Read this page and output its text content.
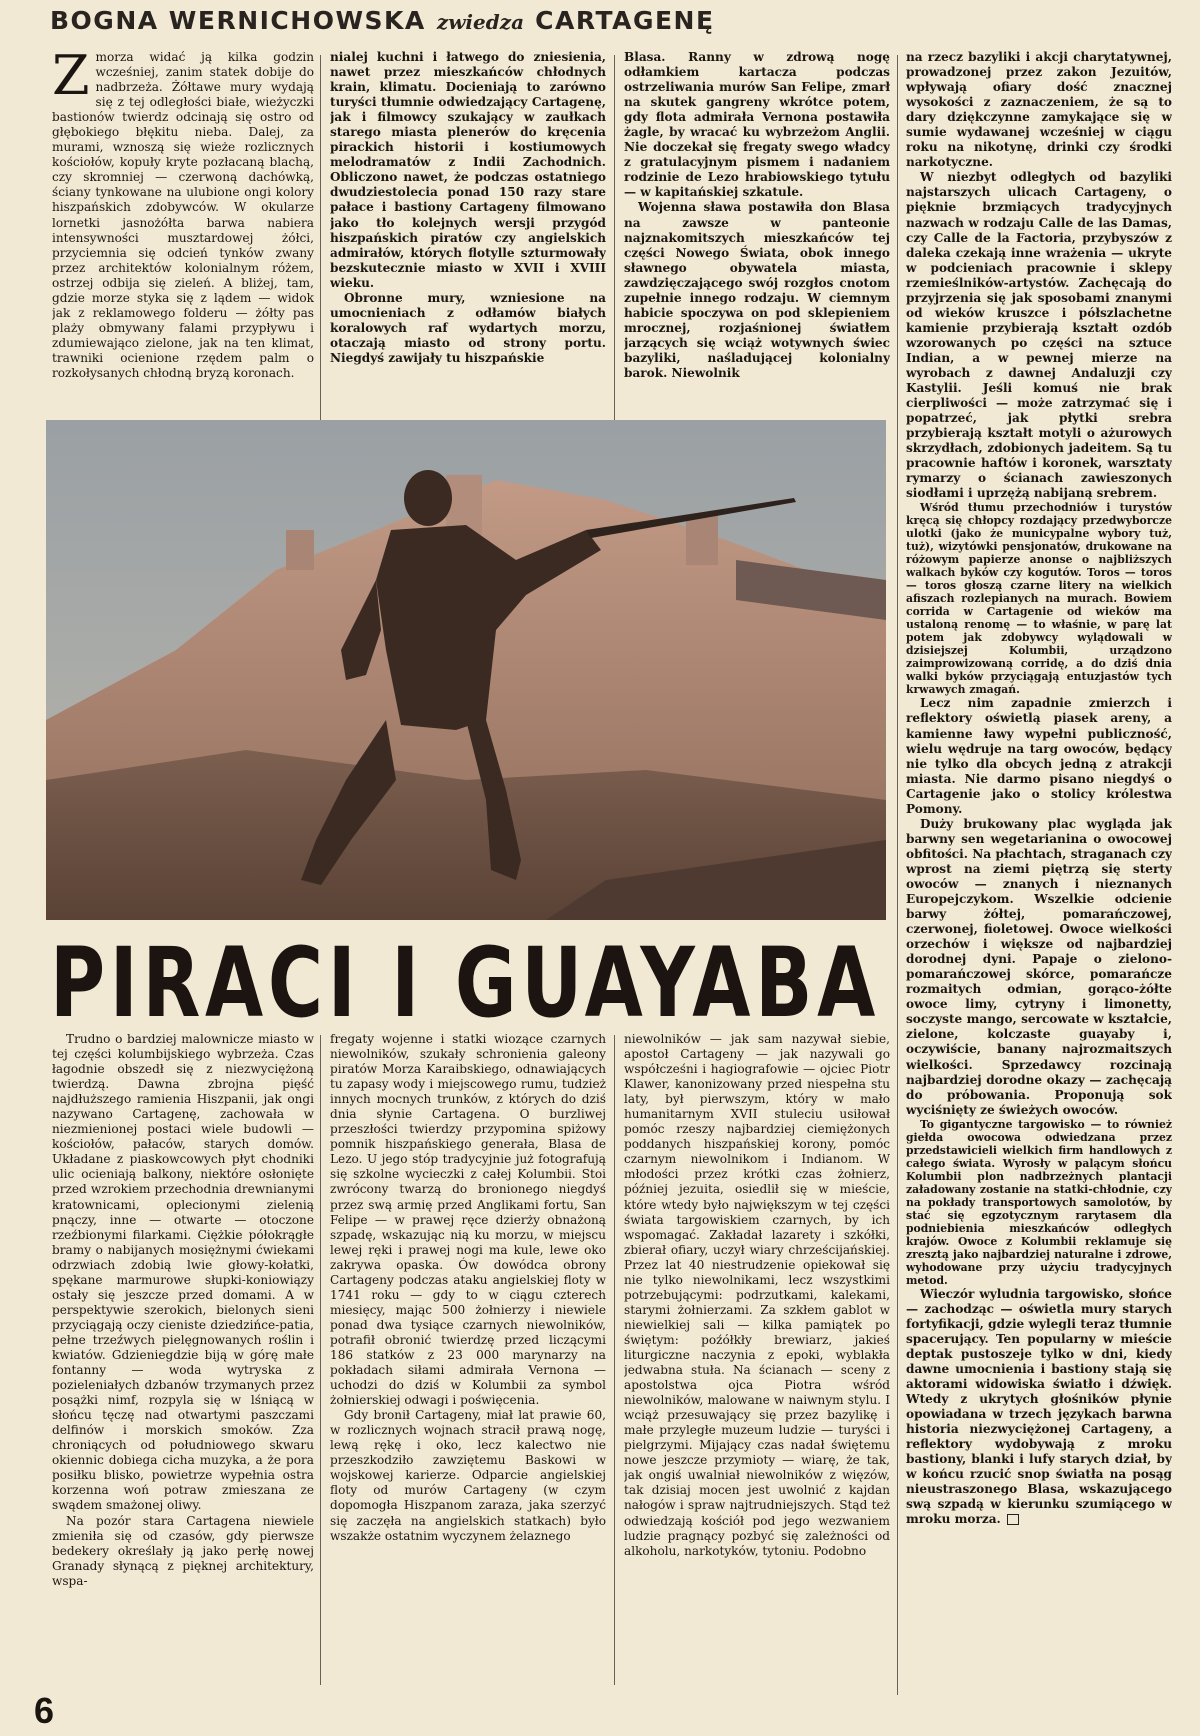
BOGNA WERNICHOWSKA zwiedza CARTAGENĘ
Z morza widać ją kilka godzin wcześniej, zanim statek dobije do nadbrzeża. Żółtawe mury wydają się z tej odległości białe, wieżyczki bastionów twierdz odcinają się ostro od głębokiego błękitu nieba. Dalej, za murami, wznoszą się wieże rozlicznych kościołów, kopuły kryte pozłacaną blachą, czy skromniej — czerwoną dachówką, ściany tynkowane na ulubione ongi kolory hiszpańskich zdobywców. W okularze lornetki jasnożółta barwa nabiera intensywności musztardowej żółci, przyciemnia się odcień tynków zwany przez architektów kolonialnym różem, ostrzej odbija się zieleń. A bliżej, tam, gdzie morze styka się z lądem — widok jak z reklamowego folderu — żółty pas plaży obmywany falami przypływu i zdumiewająco zielone, jak na ten klimat, trawniki ocienione rzędem palm o rozkołysanych chłodną bryzą koronach.

nialej kuchni i łatwego do zniesienia, nawet przez mieszkańców chłodnych krain, klimatu. Docieniają to zarówno turyści tłumnie odwiedzający Cartagenę, jak i filmowcy szukający w zaułkach starego miasta plenerów do kręcenia pirackich historii i kostiumowych melodramatów z Indii Zachodnich. Obliczono nawet, że podczas ostatniego dwudziestolecia ponad 150 razy stare pałace i bastiony Cartageny filmowano jako tło kolejnych wersji przygód hiszpańskich piratów czy angielskich admirałów, których flotylle szturmowały bezskutecznie miasto w XVII i XVIII wieku.

Obronne mury, wzniesione na umocnieniach z odłamów białych koralowych raf wydartych morzu, otaczają miasto od strony portu. Niegdyś zawijały tu hiszpańskie

Blasa. Ranny w zdrową nogę odłamkiem kartacza podczas ostrzeliwania murów San Felipe, zmarł na skutek gangreny wkrótce potem, gdy flota admirała Vernona postawiła żagle, by wracać ku wybrzeżom Anglii. Nie doczekał się fregaty swego władcy z gratulacyjnym pismem i nadaniem rodzinie de Lezo hrabiowskiego tytułu — w kapitańskiej szkatule.

Wojenna sława postawiła don Blasa na zawsze w panteonie najznakomitszych mieszkańców tej części Nowego Świata, obok innego sławnego obywatela miasta, zawdzięczającego swój rozgłos cnotom zupełnie innego rodzaju. W ciemnym habicie spoczywa on pod sklepieniem mrocznej, rozjaśnionej światłem jarzących się wciąż wotywnych świec bazyliki, naśladującej kolonialny barok. Niewolnik

na rzecz bazyliki i akcji charytatywnej, prowadzonej przez zakon Jezuitów, wpływają ofiary dość znacznej wysokości z zaznaczeniem, że są to dary dziękczynne zamykające się w sumie wydawanej wcześniej w ciągu roku na nikotynę, drinki czy środki narkotyczne.

W niezbyt odległych od bazyliki najstarszych ulicach Cartageny, o pięknie brzmiących tradycyjnych nazwach w rodzaju Calle de las Damas, czy Calle de la Factoria, przybyszów z daleka czekają inne wrażenia — ukryte w podcieniach pracownie i sklepy rzemieślników-artystów. Zachęcają do przyjrzenia się jak sposobami znanymi od wieków kruszce i półszlachetne kamienie przybierają kształt ozdób wzorowanych po części na sztuce Indian, a w pewnej mierze na wyrobach z dawnej Andaluzji czy Kastylii. Jeśli komuś nie brak cierpliwości — może zatrzymać się i popatrzeć, jak płytki srebra przybierają kształt motyli o ażurowych skrzydłach, zdobionych jadeitem. Są tu pracownie haftów i koronek, warsztaty rymarzy o ścianach zawieszonych siodłami i uprzężą nabijaną srebrem.

Wśród tłumu przechodniów i turystów kręcą się chłopcy rozdający przedwyborcze ulotki (jako że municypalne wybory tuż, tuż), wizytówki pensjonatów, drukowane na różowym papierze anonse o najbliższych walkach byków czy kogutów. Toros — toros — toros głoszą czarne litery na wielkich afiszach rozlepianych na murach. Bowiem corrida w Cartagenie od wieków ma ustaloną renomę — to właśnie, w parę lat potem jak zdobywcy wylądowali w dzisiejszej Kolumbii, urządzono zaimprowizowaną corridę, a do dziś dnia walki byków przyciągają entuzjastów tych krwawych zmagań.

Lecz nim zapadnie zmierzch i reflektory oświetlą piasek areny, a kamienne ławy wypełni publiczność, wielu wędruje na targ owoców, będący nie tylko dla obcych jedną z atrakcji miasta. Nie darmo pisano niegdyś o Cartagenie jako o stolicy królestwa Pomony.

Duży brukowany plac wygląda jak barwny sen wegetarianina o owocowej obfitości. Na płachtach, straganach czy wprost na ziemi piętrzą się sterty owoców — znanych i nieznanych Europejczykom. Wszelkie odcienie barwy żółtej, pomarańczowej, czerwonej, fioletowej. Owoce wielkości orzechów i większe od najbardziej dorodnej dyni. Papaje o zielono-pomarańczowej skórce, pomarańcze rozmaitych odmian, gorąco-żółte owoce limy, cytryny i limonetty, soczyste mango, sercowate w kształcie, zielone, kolczaste guayaby i, oczywiście, banany najrozmaitszych wielkości. Sprzedawcy rozcinają najbardziej dorodne okazy — zachęcają do próbowania. Proponują sok wyciśnięty ze świeżych owoców.

To gigantyczne targowisko — to również giełda owocowa odwiedzana przez przedstawicieli wielkich firm handlowych z całego świata. Wyrosły w palącym słońcu Kolumbii plon nadbrzeżnych plantacji załadowany zostanie na statki-chłodnie, czy na pokłady transportowych samolotów, by stać się egzotycznym rarytasem dla podniebienia mieszkańców odległych krajów. Owoce z Kolumbii reklamuje się zresztą jako najbardziej naturalne i zdrowe, wyhodowane przy użyciu tradycyjnych metod.

Wieczór wyludnia targowisko, słońce — zachodząc — oświetla mury starych fortyfikacji, gdzie wylegli teraz tłumnie spacerujący. Ten popularny w mieście deptak pustoszeje tylko w dni, kiedy dawne umocnienia i bastiony stają się aktorami widowiska światło i dźwięk. Wtedy z ukrytych głośników płynie opowiadana w trzech językach barwna historia niezwyciężonej Cartageny, a reflektory wydobywają z mroku bastiony, blanki i lufy starych dział, by w końcu rzucić snop światła na posąg nieustraszonego Blasa, wskazującego swą szpadą w kierunku szumiącego w mroku morza.

PIRACI I GUAYABA

Trudno o bardziej malownicze miasto w tej części kolumbijskiego wybrzeża. Czas łagodnie obszedł się z niezwyciężoną twierdzą. Dawna zbrojna pięść najdłuższego ramienia Hiszpanii, jak ongi nazywano Cartagenę, zachowała w niezmienionej postaci wiele budowli — kościołów, pałaców, starych domów. Układane z piaskowcowych płyt chodniki ulic ocieniają balkony, niektóre osłonięte przed wzrokiem przechodnia drewnianymi kratownicami, oplecionymi zielenią pnączy, inne — otwarte — otoczone rzeźbionymi filarkami. Ciężkie półokrągłe bramy o nabijanych mosiężnymi ćwiekami odrzwiach zdobią lwie głowy-kołatki, spękane marmurowe słupki-koniowiązy ostały się jeszcze przed domami. A w perspektywie szerokich, bielonych sieni przyciągają oczy cieniste dziedzińce-patia, pełne trzeźwych pielęgnowanych roślin i kwiatów. Gdzieniegdzie biją w górę małe fontanny — woda wytryska z pozieleniałych dzbanów trzymanych przez posążki nimf, rozpyla się w lśniącą w słońcu tęczę nad otwartymi paszczami delfinów i morskich smoków. Zza chroniących od południowego skwaru okiennic dobiega cicha muzyka, a że pora posiłku blisko, powietrze wypełnia ostra korzenna woń potraw zmieszana ze swądem smażonej oliwy.

Na pozór stara Cartagena niewiele zmieniła się od czasów, gdy pierwsze bedekery określały ją jako perłę nowej Granady słynącą z pięknej architektury, wspa-

fregaty wojenne i statki wiozące czarnych niewolników, szukały schronienia galeony piratów Morza Karaibskiego, odnawiających tu zapasy wody i miejscowego rumu, tudzież innych mocnych trunków, z których do dziś dnia słynie Cartagena. O burzliwej przeszłości twierdzy przypomina spiżowy pomnik hiszpańskiego generała, Blasa de Lezo. U jego stóp tradycyjnie już fotografują się szkolne wycieczki z całej Kolumbii. Stoi zwrócony twarzą do bronionego niegdyś przez swą armię przed Anglikami fortu, San Felipe — w prawej ręce dzierży obnażoną szpadę, wskazując nią ku morzu, w miejscu lewej ręki i prawej nogi ma kule, lewe oko zakrywa opaska. Ów dowódca obrony Cartageny podczas ataku angielskiej floty w 1741 roku — gdy to w ciągu czterech miesięcy, mając 500 żołnierzy i niewiele ponad dwa tysiące czarnych niewolników, potrafił obronić twierdzę przed liczącymi 186 statków z 23 000 marynarzy na pokładach siłami admirała Vernona — uchodzi do dziś w Kolumbii za symbol żołnierskiej odwagi i poświęcenia.

Gdy bronił Cartageny, miał lat prawie 60, w rozlicznych wojnach stracił prawą nogę, lewą rękę i oko, lecz kalectwo nie przeszkodziło zawziętemu Baskowi w wojskowej karierze. Odparcie angielskiej floty od murów Cartageny (w czym dopomogła Hiszpanom zaraza, jaka szerzyć się zaczęła na angielskich statkach) było wszakże ostatnim wyczynem żelaznego

niewolników — jak sam nazywał siebie, apostoł Cartageny — jak nazywali go współcześni i hagiografowie — ojciec Piotr Klawer, kanonizowany przed niespełna stu laty, był pierwszym, który w mało humanitarnym XVII stuleciu usiłował pomóc rzeszy najbardziej ciemiężonych poddanych hiszpańskiej korony, pomóc czarnym niewolnikom i Indianom. W młodości przez krótki czas żołnierz, później jezuita, osiedlił się w mieście, które wtedy było największym w tej części świata targowiskiem czarnych, by ich wspomagać. Zakładał lazarety i szkółki, zbierał ofiary, uczył wiary chrześcijańskiej. Przez lat 40 niestrudzenie opiekował się nie tylko niewolnikami, lecz wszystkimi potrzebującymi: podrzutkami, kalekami, starymi żołnierzami. Za szkłem gablot w niewielkiej sali — kilka pamiątek po świętym: poźółkły brewiarz, jakieś liturgiczne naczynia z epoki, wyblakła jedwabna stuła. Na ścianach — sceny z apostolstwa ojca Piotra wśród niewolników, malowane w naiwnym stylu. I wciąż przesuwający się przez bazylikę i małe przyległe muzeum ludzie — turyści i pielgrzymi. Mijający czas nadał świętemu nowe jeszcze przymioty — wiarę, że tak, jak ongiś uwalniał niewolników z więzów, tak dzisiaj mocen jest uwolnić z kajdan nałogów i spraw najtrudniejszych. Stąd też odwiedzają kościół pod jego wezwaniem ludzie pragnący pozbyć się zależności od alkoholu, narkotyków, tytoniu. Podobno

6
